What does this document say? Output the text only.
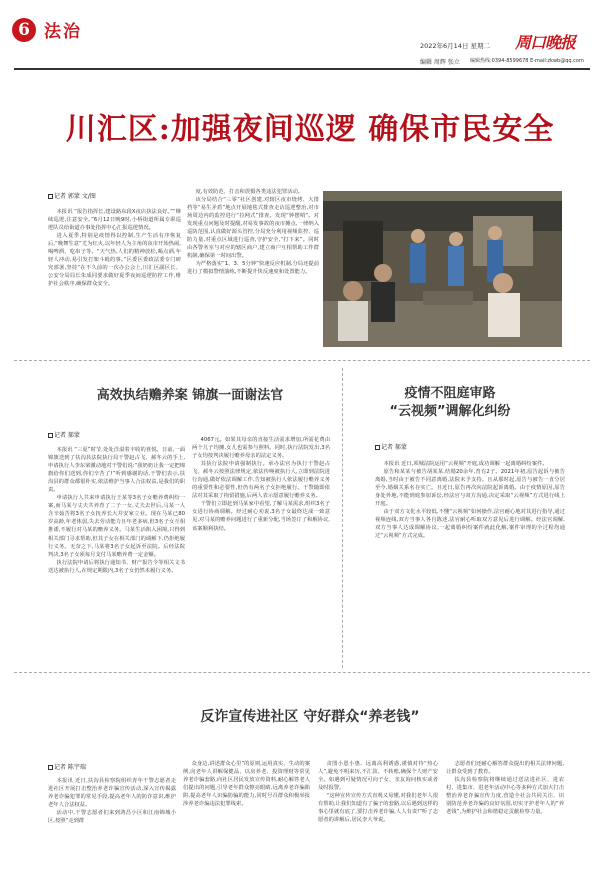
6 法治
2022年6月14日 星期二
编辑 周辉 张立
周口晚报
编辑热线:0394-8599678 E-mail:zkwb@qq.com
川汇区:加强夜间巡逻 确保市民安全
记者 郭蒙 文/图

本报讯 “报告指挥长,建设路东段X夜店执法良好。”“继续巡逻,注意安全。”6月12日晚9时,小桥街道所属专职巡逻队员给街道办事处指挥中心汇报巡逻情况。

进入夏季,特别是疫情得以控制,生产生活有序恢复后,“晚舞生意”尤为红火,以年轻人为主角的夜市开始热闹,喝啤酒、吃串子等。“天气热,人们的精神放松,喝点酒,年轻人冲动,易引发打架斗殴的事。”区委区委政法委专门研究部署,坚持“在不久前的一次办公会上,川汇区副区长、公安分局局长朱成同要求做好夏季夜间巡逻防控工作,维护社会秩序,确保群众安全。

度,有效防范、打击和震慑各类违法犯罪活动。

该分局结合“三零”社区创建,对辖区夜市烧烤、大排档等“易生矛盾”地点开展地毯式排查走访巡逻整治,对市场周边内的监控进行“拉网式”排查。发现“钟摆哨”。对发现重点问题及时提醒,对易发事故的夜市摊点,一律纳入巡防范围,认真做好源头管控,分局充分利用视频监控、巡防力量,对重点区域进行巡查,守护安全,“打下来”。同时由各警务室与对应的辖区商户,建立商户互相帮助工作群机制,确保第一时间出警。

为严格落实“1、3、5分钟”快速反应机制,分局还提前进行了模拟警情演练,不断提升快反速度和处置能力。

高效执结赡养案 锦旗一面谢法官
记者 郝蒙

本报讯 “三夏”时节,处处洋溢着丰收的喜悦。日前,一面锦旗送到了扶沟县法院执行局干警赵占飞、郝冬云的手上,申请执行人李东梁激动地对干警们说:“我奶奶让我一定把锦旗给你们送到,你们辛苦了!”听到感谢的话,干警们表示,扶沟县的群众都很朴实,依法维护当事人合法权益,是我们的职责。

申请执行人共来申请执行王某等3名子女赡养费纠纷一案,而马某与丈夫共养育了二子一女,丈夫去世后,马某一人含辛茹苦将3名子女抚养长大并安家立业。现在马某已80岁高龄,年老体弱,失去劳动能力且年老多病,但3名子女互相推诿,不履行对马某的赡养义务。马某生活陷入困境,只得到相关部门寻求帮助,但其子女在相关部门的调解下,仍拒绝履行义务。无奈之下,马某将3名子女起诉至法院。后经法院判决,3名子女须每月支付马某赡养费一定金额。

执行法院申请后将执行通知书、财产报告令等相关文书送达被执行人,在规定期限内,3名子女仍然未履行义务。

4067元。如果其母亲的直接生活需求增加,所需花费由两个儿子均摊,女儿也需参与照料。同时,执行法院发出,3名子女均按判决履行赡养母亲的法定义务。

其执行法院申请强制执行。承办法官为执行干警赵占飞、郝冬云按照法律规定,依法传唤被执行人,立即到法院进行沟通,做好依法调解工作,告知被执行人依法履行赡养义务的重要性和必要性,但仍有两名子女拒绝履行。干警随即依法对其采取了拘留措施,后两人表示愿意履行赡养义务。

干警们立即赶到马某家中看望,了解马某需求,组织3名子女进行协商调解。经过耐心劝说,3名子女最终达成一致意见,对马某的赡养问题进行了重新分配,当场签订了和解协议,该案顺利执结。

疫情不阻庭审路
“云视频”调解化纠纷
记者 郝蒙

本报讯 近日,项城法院运用“云视频”开庭,成功调解一起离婚纠纷案件。

原告和某某与被告胡某某,结婚20余年,育有2子。2021年初,原告起诉与被告离婚,当时由于被告不同意离婚,法院未予支持。且从那时起,原告与被告一直分居至今,婚姻关系名存实亡。且近日,原告再次向法院起诉离婚。由于疫情原因,原告身处外地,不能到庭参加诉讼,经法官与双方沟通,决定采取“云视频”方式进行线上开庭。

由于双方文化水平较低,不懂“云视频”如何操作,法官耐心地对其进行指导,通过视频连线,双方当事人各自陈述,法官耐心听取双方意见后进行调解。经法官调解,双方当事人达成调解协议,一起离婚纠纷案件就此化解,案件审理的全过程均通过“云视频”方式完成。

反诈宣传进社区 守好群众“养老钱”
记者 陈宇瑞

本报讯 近日,扶沟县检察院组织青年干警志愿者走进社区开展打击整治养老诈骗宣传活动,深入宣传揭露养老诈骗犯罪的常见手段,提高老年人的防诈意识,维护老年人合法权益。

活动中,干警志愿者们来到鸿昌小区和江南锦城小区,按照“走到群

众身边,讲述群众心里”的原则,运用真实、生动的案例,向老年人讲解保健品、以房养老、投资理财等常见养老诈骗套路,向社区居民发放宣传资料,耐心解答老人们提出的问题,引导老年群众擦亮眼睛,远离养老诈骗陷阱,提高老年人识骗防骗的能力,同时号召群众积极举报涉养老诈骗违法犯罪线索。

贪图小恩小惠、远离高利诱惑,谨慎对待“热心人”,避免不明来历,不汇款、不转账,确保个人财产安全。如遇到可疑情况可向子女、亲友询问核实或者及时报警。

“这种宣传宣传方式直观又易懂,对我们老年人很有帮助,让我们知道有了骗子的套路,以后遇到这样的事心里就有底了,要打击养老诈骗,人人有责!”听了志愿者的讲解后,居民李大爷说。

志愿者们还耐心解答群众提出的相关法律问题,让群众受到了教育。

扶沟县检察院将继续通过送法进社区、进农村、进集市、进老年活动中心等多种方式加大打击整治养老诈骗宣传力度,营造全社会共同关注、识别防范养老诈骗的良好氛围,切实守护老年人的“养老钱”,为维护社会和谐稳定贡献检察力量。
